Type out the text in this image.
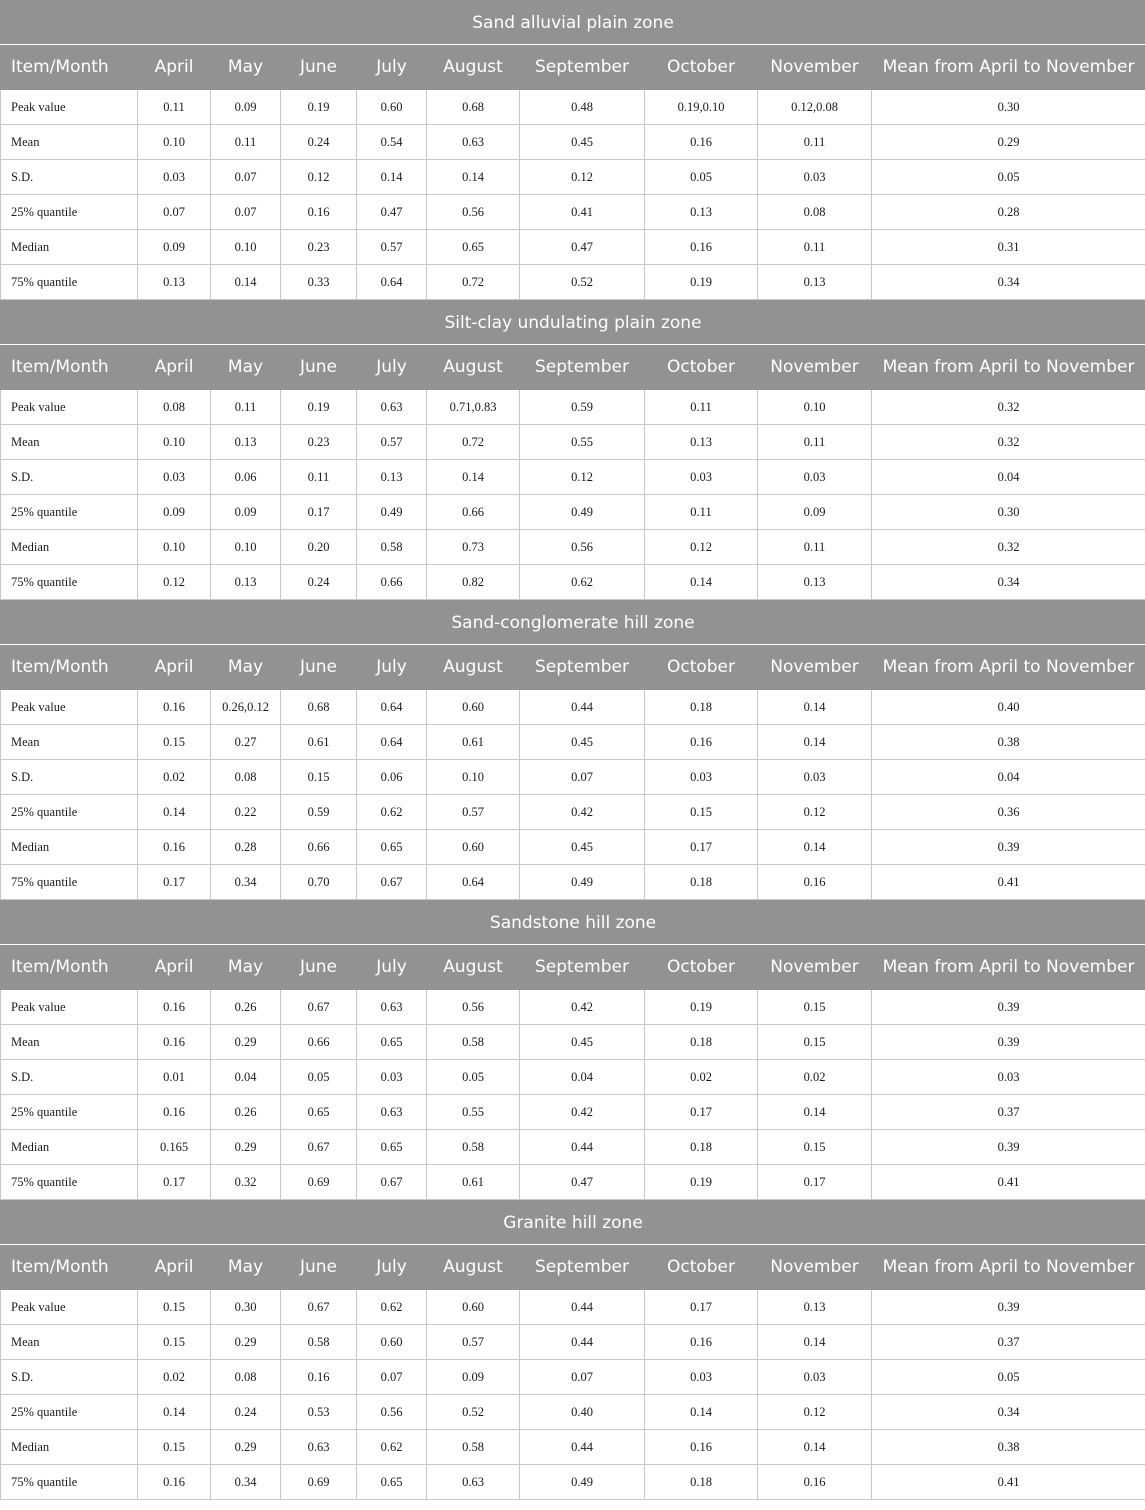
Sand alluvial plain zone									
Item/Month	April	May	June	July	August	September	October	November	Mean from April to November
Peak value	0.11	0.09	0.19	0.60	0.68	0.48	0.19,0.10	0.12,0.08	0.30
Mean	0.10	0.11	0.24	0.54	0.63	0.45	0.16	0.11	0.29
S.D.	0.03	0.07	0.12	0.14	0.14	0.12	0.05	0.03	0.05
25% quantile	0.07	0.07	0.16	0.47	0.56	0.41	0.13	0.08	0.28
Median	0.09	0.10	0.23	0.57	0.65	0.47	0.16	0.11	0.31
75% quantile	0.13	0.14	0.33	0.64	0.72	0.52	0.19	0.13	0.34
Silt-clay undulating plain zone									
Item/Month	April	May	June	July	August	September	October	November	Mean from April to November
Peak value	0.08	0.11	0.19	0.63	0.71,0.83	0.59	0.11	0.10	0.32
Mean	0.10	0.13	0.23	0.57	0.72	0.55	0.13	0.11	0.32
S.D.	0.03	0.06	0.11	0.13	0.14	0.12	0.03	0.03	0.04
25% quantile	0.09	0.09	0.17	0.49	0.66	0.49	0.11	0.09	0.30
Median	0.10	0.10	0.20	0.58	0.73	0.56	0.12	0.11	0.32
75% quantile	0.12	0.13	0.24	0.66	0.82	0.62	0.14	0.13	0.34
Sand-conglomerate hill zone									
Item/Month	April	May	June	July	August	September	October	November	Mean from April to November
Peak value	0.16	0.26,0.12	0.68	0.64	0.60	0.44	0.18	0.14	0.40
Mean	0.15	0.27	0.61	0.64	0.61	0.45	0.16	0.14	0.38
S.D.	0.02	0.08	0.15	0.06	0.10	0.07	0.03	0.03	0.04
25% quantile	0.14	0.22	0.59	0.62	0.57	0.42	0.15	0.12	0.36
Median	0.16	0.28	0.66	0.65	0.60	0.45	0.17	0.14	0.39
75% quantile	0.17	0.34	0.70	0.67	0.64	0.49	0.18	0.16	0.41
Sandstone hill zone									
Item/Month	April	May	June	July	August	September	October	November	Mean from April to November
Peak value	0.16	0.26	0.67	0.63	0.56	0.42	0.19	0.15	0.39
Mean	0.16	0.29	0.66	0.65	0.58	0.45	0.18	0.15	0.39
S.D.	0.01	0.04	0.05	0.03	0.05	0.04	0.02	0.02	0.03
25% quantile	0.16	0.26	0.65	0.63	0.55	0.42	0.17	0.14	0.37
Median	0.165	0.29	0.67	0.65	0.58	0.44	0.18	0.15	0.39
75% quantile	0.17	0.32	0.69	0.67	0.61	0.47	0.19	0.17	0.41
Granite hill zone									
Item/Month	April	May	June	July	August	September	October	November	Mean from April to November
Peak value	0.15	0.30	0.67	0.62	0.60	0.44	0.17	0.13	0.39
Mean	0.15	0.29	0.58	0.60	0.57	0.44	0.16	0.14	0.37
S.D.	0.02	0.08	0.16	0.07	0.09	0.07	0.03	0.03	0.05
25% quantile	0.14	0.24	0.53	0.56	0.52	0.40	0.14	0.12	0.34
Median	0.15	0.29	0.63	0.62	0.58	0.44	0.16	0.14	0.38
75% quantile	0.16	0.34	0.69	0.65	0.63	0.49	0.18	0.16	0.41
